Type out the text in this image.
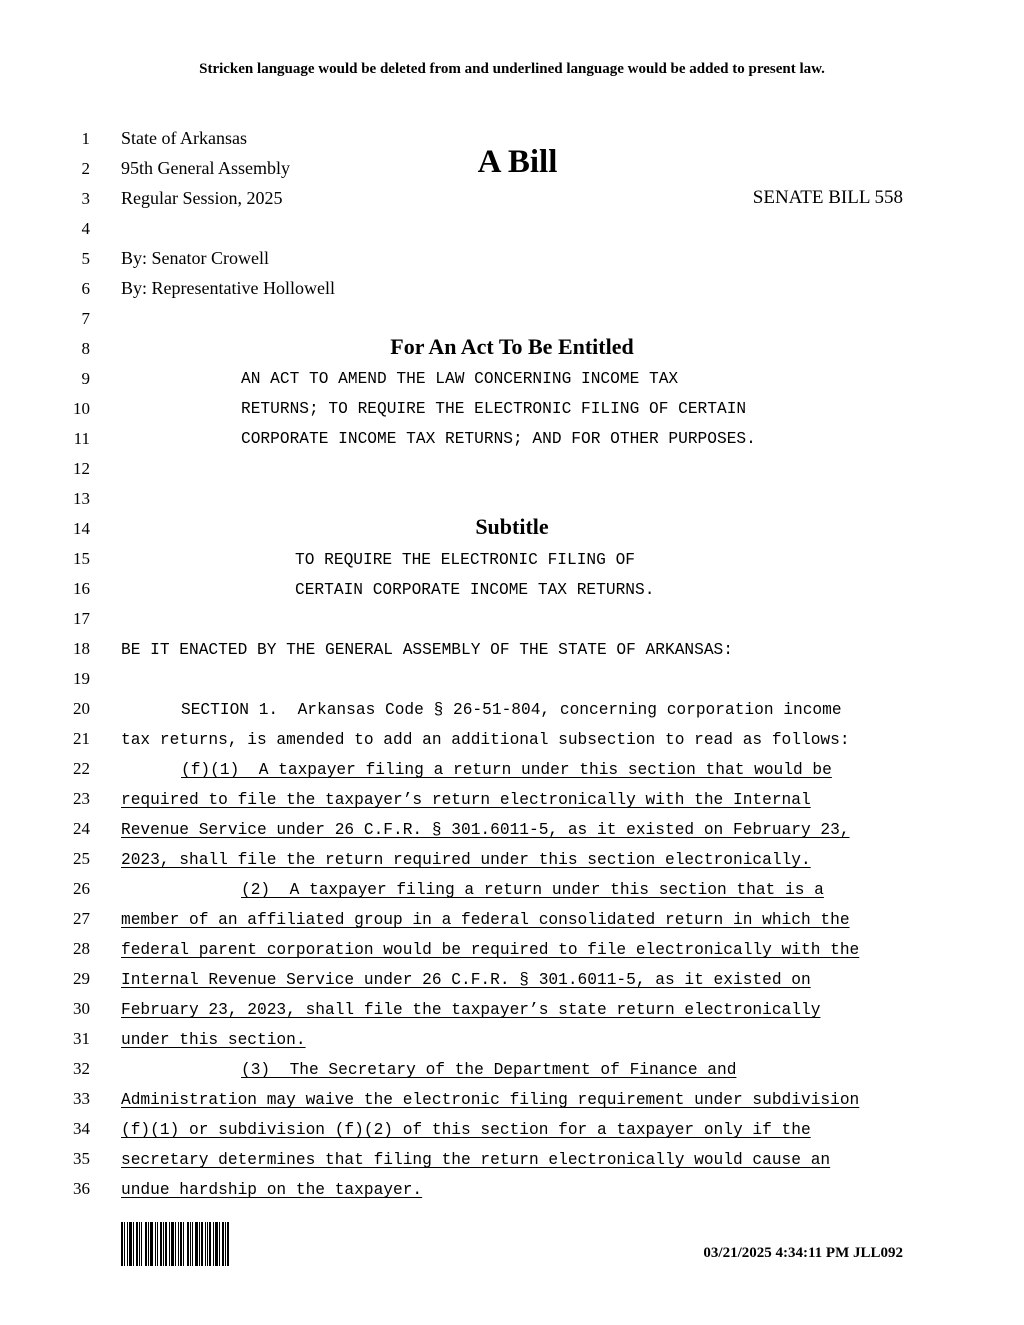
Stricken language would be deleted from and underlined language would be added to present law.
1
2
3
4
5
6
7
8
9
10
11
12
13
14
15
16
17
18
19
20
21
22
23
24
25
26
27
28
29
30
31
32
33
34
35
36
State of Arkansas
95th General Assembly
Regular Session, 2025
A Bill
SENATE BILL 558
By: Senator Crowell
By: Representative Hollowell
For An Act To Be Entitled
AN ACT TO AMEND THE LAW CONCERNING INCOME TAX
RETURNS; TO REQUIRE THE ELECTRONIC FILING OF CERTAIN
CORPORATE INCOME TAX RETURNS; AND FOR OTHER PURPOSES.
Subtitle
TO REQUIRE THE ELECTRONIC FILING OF
CERTAIN CORPORATE INCOME TAX RETURNS.
BE IT ENACTED BY THE GENERAL ASSEMBLY OF THE STATE OF ARKANSAS:
SECTION 1.  Arkansas Code § 26-51-804, concerning corporation income
tax returns, is amended to add an additional subsection to read as follows:
(f)(1)  A taxpayer filing a return under this section that would be
required to file the taxpayer’s return electronically with the Internal
Revenue Service under 26 C.F.R. § 301.6011-5, as it existed on February 23,
2023, shall file the return required under this section electronically.
(2)  A taxpayer filing a return under this section that is a
member of an affiliated group in a federal consolidated return in which the
federal parent corporation would be required to file electronically with the
Internal Revenue Service under 26 C.F.R. § 301.6011-5, as it existed on
February 23, 2023, shall file the taxpayer’s state return electronically
under this section.
(3)  The Secretary of the Department of Finance and
Administration may waive the electronic filing requirement under subdivision
(f)(1) or subdivision (f)(2) of this section for a taxpayer only if the
secretary determines that filing the return electronically would cause an
undue hardship on the taxpayer.
03/21/2025 4:34:11 PM JLL092
